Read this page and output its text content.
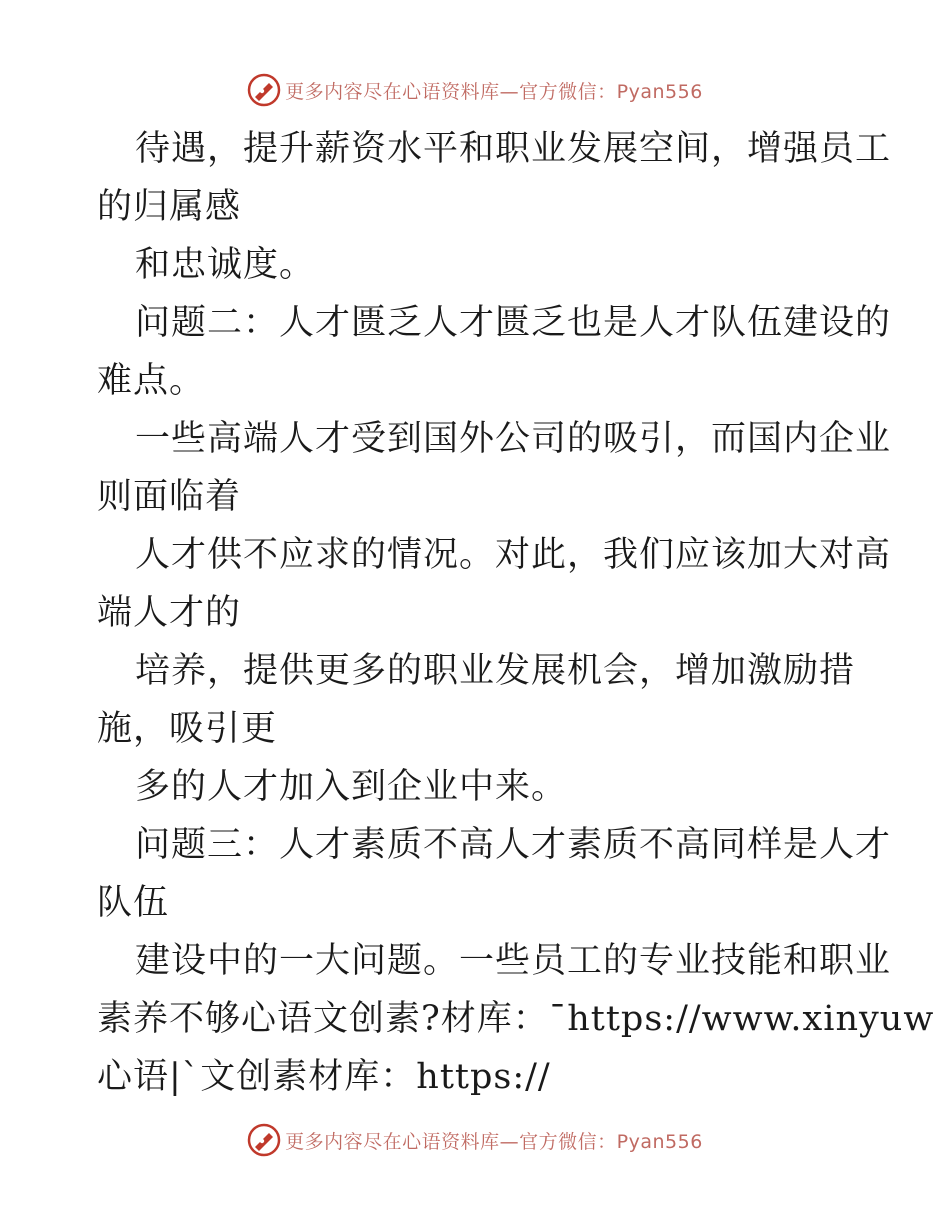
更多内容尽在心语资料库—官方微信：Pyan556
待遇，提升薪资水平和职业发展空间，增强员工
的归属感
和忠诚度。
问题二：人才匮乏人才匮乏也是人才队伍建设的
难点。
一些高端人才受到国外公司的吸引，而国内企业
则面临着
人才供不应求的情况。对此，我们应该加大对高
端人才的
培养，提供更多的职业发展机会，增加激励措
施，吸引更
多的人才加入到企业中来。
问题三：人才素质不高人才素质不高同样是人才
队伍
建设中的一大问题。一些员工的专业技能和职业
素养不够心语文创素?材库：¯https://www.xinyuw
心语|`文创素材库：https://
更多内容尽在心语资料库—官方微信：Pyan556
